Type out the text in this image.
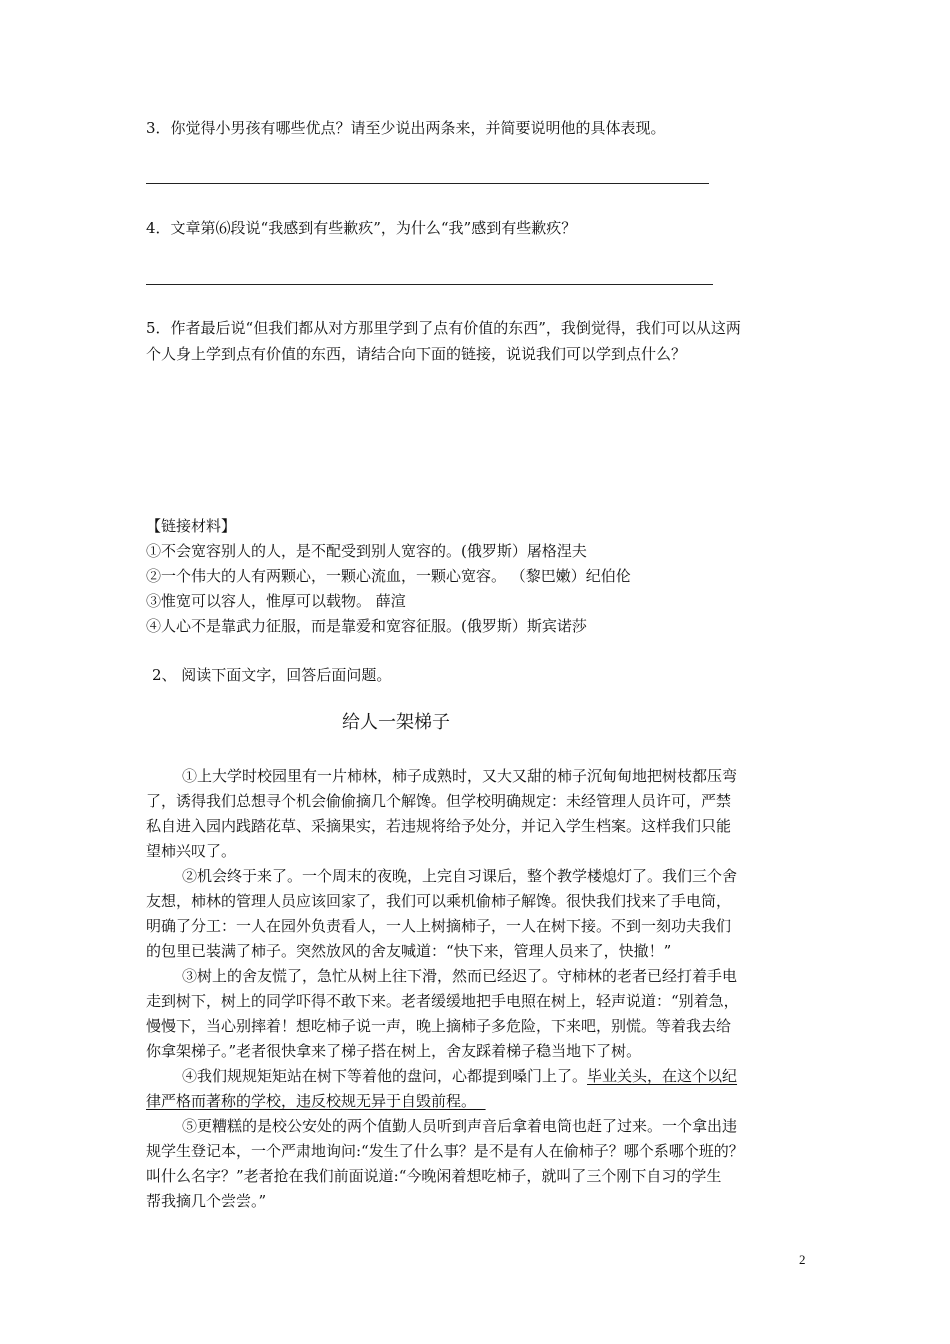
3．你觉得小男孩有哪些优点？请至少说出两条来，并简要说明他的具体表现。
4．文章第⑹段说“我感到有些歉疚”，为什么“我”感到有些歉疚？
5．作者最后说“但我们都从对方那里学到了点有价值的东西”，我倒觉得，我们可以从这两
个人身上学到点有价值的东西，请结合向下面的链接，说说我们可以学到点什么？
【链接材料】
①不会宽容别人的人，是不配受到别人宽容的。(俄罗斯）屠格涅夫
②一个伟大的人有两颗心，一颗心流血，一颗心宽容。 （黎巴嫩）纪伯伦
③惟宽可以容人，惟厚可以载物。 薛渲
④人心不是靠武力征服，而是靠爱和宽容征服。(俄罗斯）斯宾诺莎
2、 阅读下面文字，回答后面问题。
给人一架梯子
①上大学时校园里有一片柿林，柿子成熟时，又大又甜的柿子沉甸甸地把树枝都压弯
了，诱得我们总想寻个机会偷偷摘几个解馋。但学校明确规定：未经管理人员许可，严禁
私自进入园内践踏花草、采摘果实，若违规将给予处分，并记入学生档案。这样我们只能
望柿兴叹了。
②机会终于来了。一个周末的夜晚，上完自习课后，整个教学楼熄灯了。我们三个舍
友想，柿林的管理人员应该回家了，我们可以乘机偷柿子解馋。很快我们找来了手电筒，
明确了分工：一人在园外负责看人，一人上树摘柿子，一人在树下接。不到一刻功夫我们
的包里已装满了柿子。突然放风的舍友喊道：“快下来，管理人员来了，快撤！”
③树上的舍友慌了，急忙从树上往下滑，然而已经迟了。守柿林的老者已经打着手电
走到树下，树上的同学吓得不敢下来。老者缓缓地把手电照在树上，轻声说道：“别着急，
慢慢下，当心别摔着！想吃柿子说一声，晚上摘柿子多危险，下来吧，别慌。等着我去给
你拿架梯子。”老者很快拿来了梯子搭在树上，舍友踩着梯子稳当地下了树。
④我们规规矩矩站在树下等着他的盘问，心都提到嗓门上了。毕业关头，在这个以纪
律严格而著称的学校，违反校规无异于自毁前程。
⑤更糟糕的是校公安处的两个值勤人员听到声音后拿着电筒也赶了过来。一个拿出违
规学生登记本，一个严肃地询问:“发生了什么事？是不是有人在偷柿子？哪个系哪个班的？
叫什么名字？”老者抢在我们前面说道:“今晚闲着想吃柿子，就叫了三个刚下自习的学生
帮我摘几个尝尝。”
2
